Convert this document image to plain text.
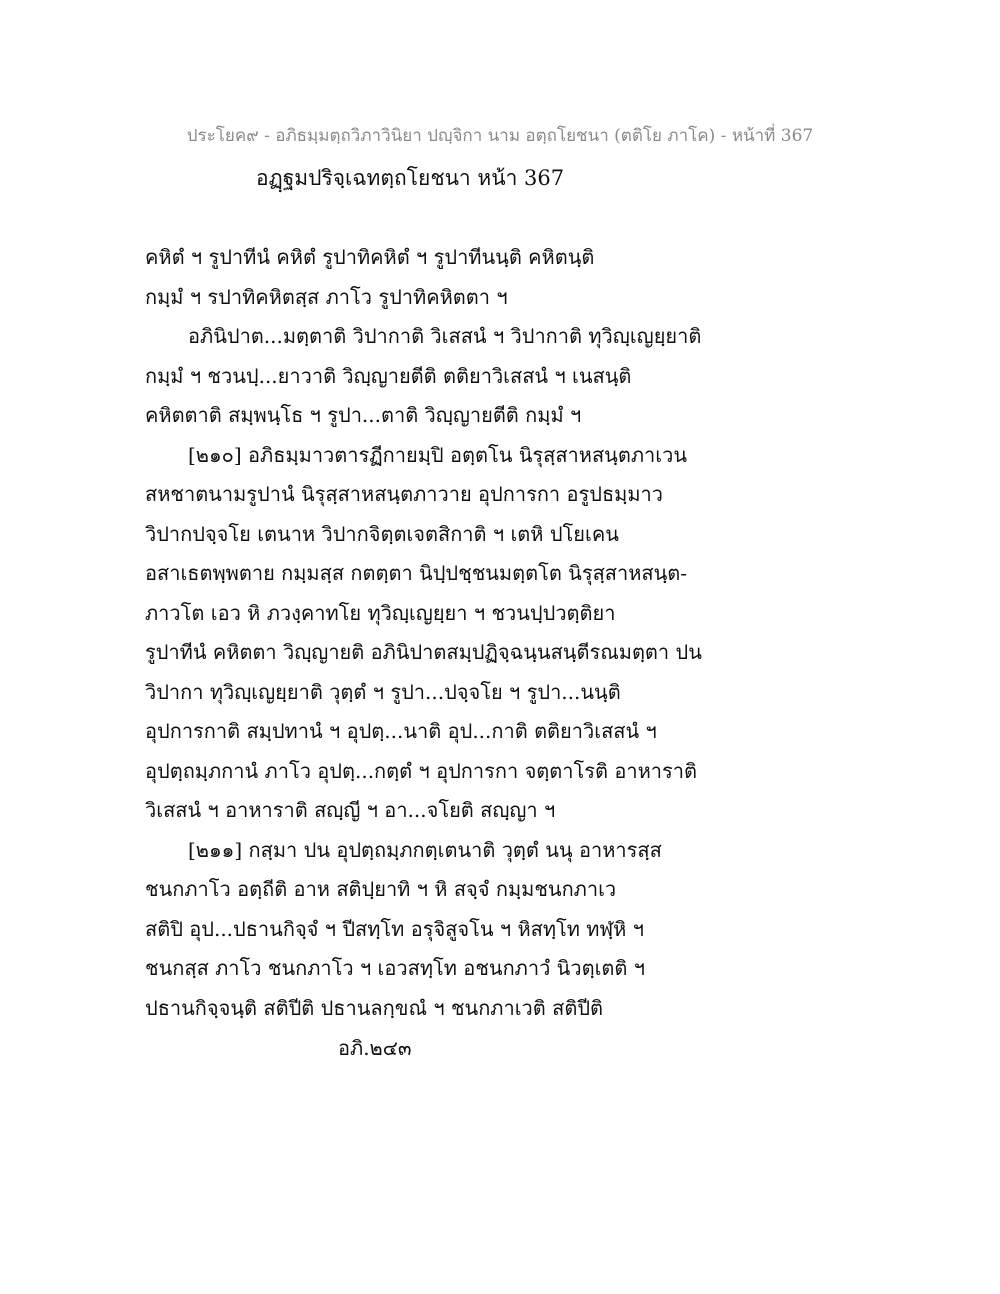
ประโยค๙ - อภิธมฺมตฺถวิภาวินิยา ปญฺจิกา นาม อตฺถโยชนา (ตติโย ภาโค) - หน้าที่ 367
อฏฺฐมปริจฺเฉทตฺถโยชนา หน้า 367
คหิตํ ฯ รูปาทีนํ คหิตํ รูปาทิคหิตํ ฯ รูปาทีนนฺติ คหิตนฺติ
กมฺมํ ฯ รปาทิคหิตสฺส ภาโว รูปาทิคหิตตา ฯ
อภินิปาต...มตฺตาติ วิปากาติ วิเสสนํ ฯ วิปากาติ ทุวิญฺเญยฺยาติ
กมฺมํ ฯ ชวนปฺ...ยาวาติ วิญฺญายตีติ ตติยาวิเสสนํ ฯ เนสนฺติ
คหิตตาติ สมฺพนฺโธ ฯ รูปา...ตาติ วิญฺญายตีติ กมฺมํ ฯ
[๒๑๐] อภิธมฺมาวตารฏีกายมฺปิ อตฺตโน นิรุสฺสาหสนฺตภาเวน
สหชาตนามรูปานํ นิรุสฺสาหสนฺตภาวาย อุปการกา อรูปธมฺมาว
วิปากปจฺจโย เตนาห วิปากจิตฺตเจตสิกาติ ฯ เตหิ ปโยเคน
อสาเธตพฺพตาย กมฺมสฺส กตตฺตา นิปฺปชฺชนมตฺตโต นิรุสฺสาหสนฺต-
ภาวโต เอว หิ ภวงฺคาทโย ทุวิญฺเญยฺยา ฯ ชวนปฺปวตฺติยา
รูปาทีนํ คหิตตา วิญฺญายติ อภินิปาตสมฺปฏิจฺฉนฺนสนฺตีรณมตฺตา ปน
วิปากา ทุวิญฺเญยฺยาติ วุตฺตํ ฯ รูปา...ปจฺจโย ฯ รูปา...นนฺติ
อุปการกาติ สมฺปทานํ ฯ อุปตฺ...นาติ อุป...กาติ ตติยาวิเสสนํ ฯ
อุปตฺถมฺภกานํ ภาโว อุปตฺ...กตฺตํ ฯ อุปการกา จตฺตาโรติ อาหาราติ
วิเสสนํ ฯ อาหาราติ สญฺญี ฯ อา...จโยติ สญฺญา ฯ
[๒๑๑] กสฺมา ปน อุปตฺถมฺภกตฺเตนาติ วุตฺตํ นนุ อาหารสฺส
ชนกภาโว อตฺถีติ อาห สติปฺยาทิ ฯ หิ สจฺจํ กมฺมชนกภาเว
สติปิ อุป...ปธานกิจฺจํ ฯ ปีสทฺโท อรุจิสูจโน ฯ หิสทฺโท ทฬฺหิ ฯ
ชนกสฺส ภาโว ชนกภาโว ฯ เอวสทฺโท อชนกภาวํ นิวตฺเตติ ฯ
ปธานกิจฺจนฺติ สติปีติ ปธานลกฺขณํ ฯ ชนกภาเวติ สติปีติ
อภิ.๒๔๓
